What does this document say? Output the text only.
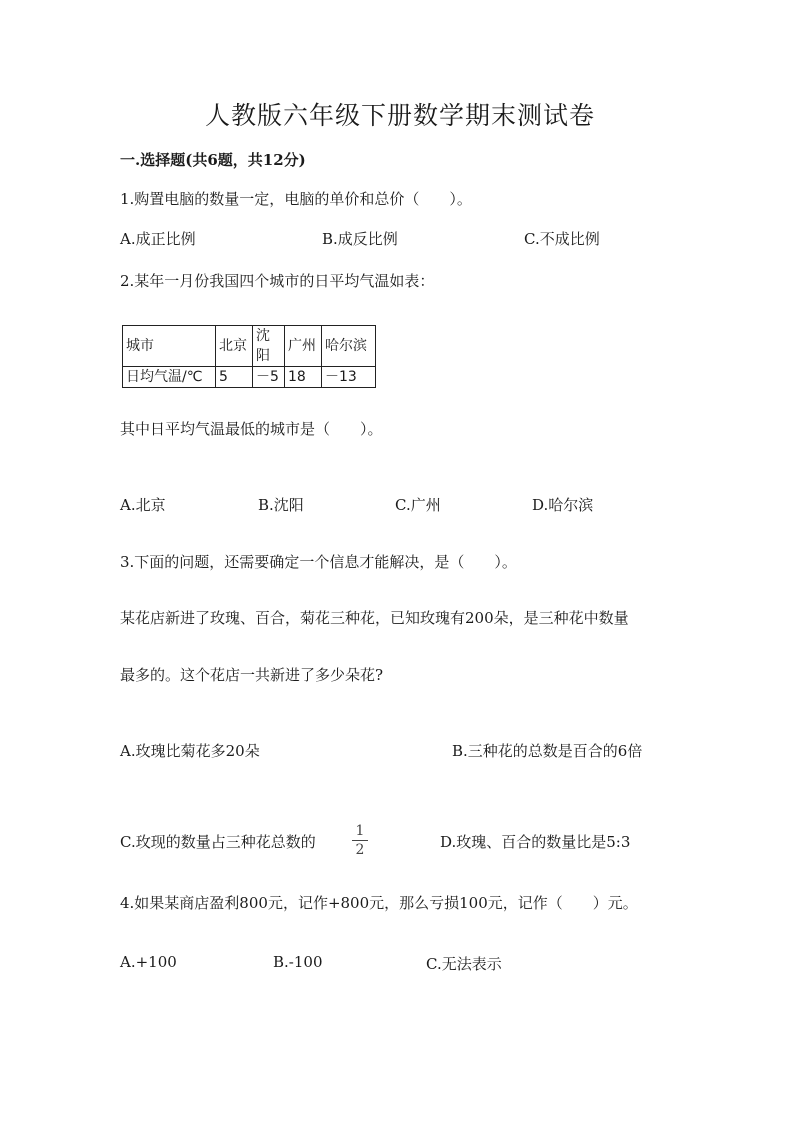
人教版六年级下册数学期末测试卷
一.选择题(共6题，共12分)
1.购置电脑的数量一定，电脑的单价和总价（　　）。
A.成正比例	B.成反比例	C.不成比例
2.某年一月份我国四个城市的日平均气温如表：
城市	北京	沈阳	广州	哈尔滨
日均气温/℃	5	－5	18	－13
其中日平均气温最低的城市是（　　）。
A.北京	B.沈阳	C.广州	D.哈尔滨
3.下面的问题，还需要确定一个信息才能解决，是（　　）。
某花店新进了玫瑰、百合，菊花三种花，已知玫瑰有200朵，是三种花中数量
最多的。这个花店一共新进了多少朵花?
A.玫瑰比菊花多20朵	B.三种花的总数是百合的6倍
C.玫现的数量占三种花总数的
1
2	D.玫瑰、百合的数量比是5:3
4.如果某商店盈利800元，记作+800元，那么亏损100元，记作（　　）元。
A.+100	B.-100	C.无法表示
